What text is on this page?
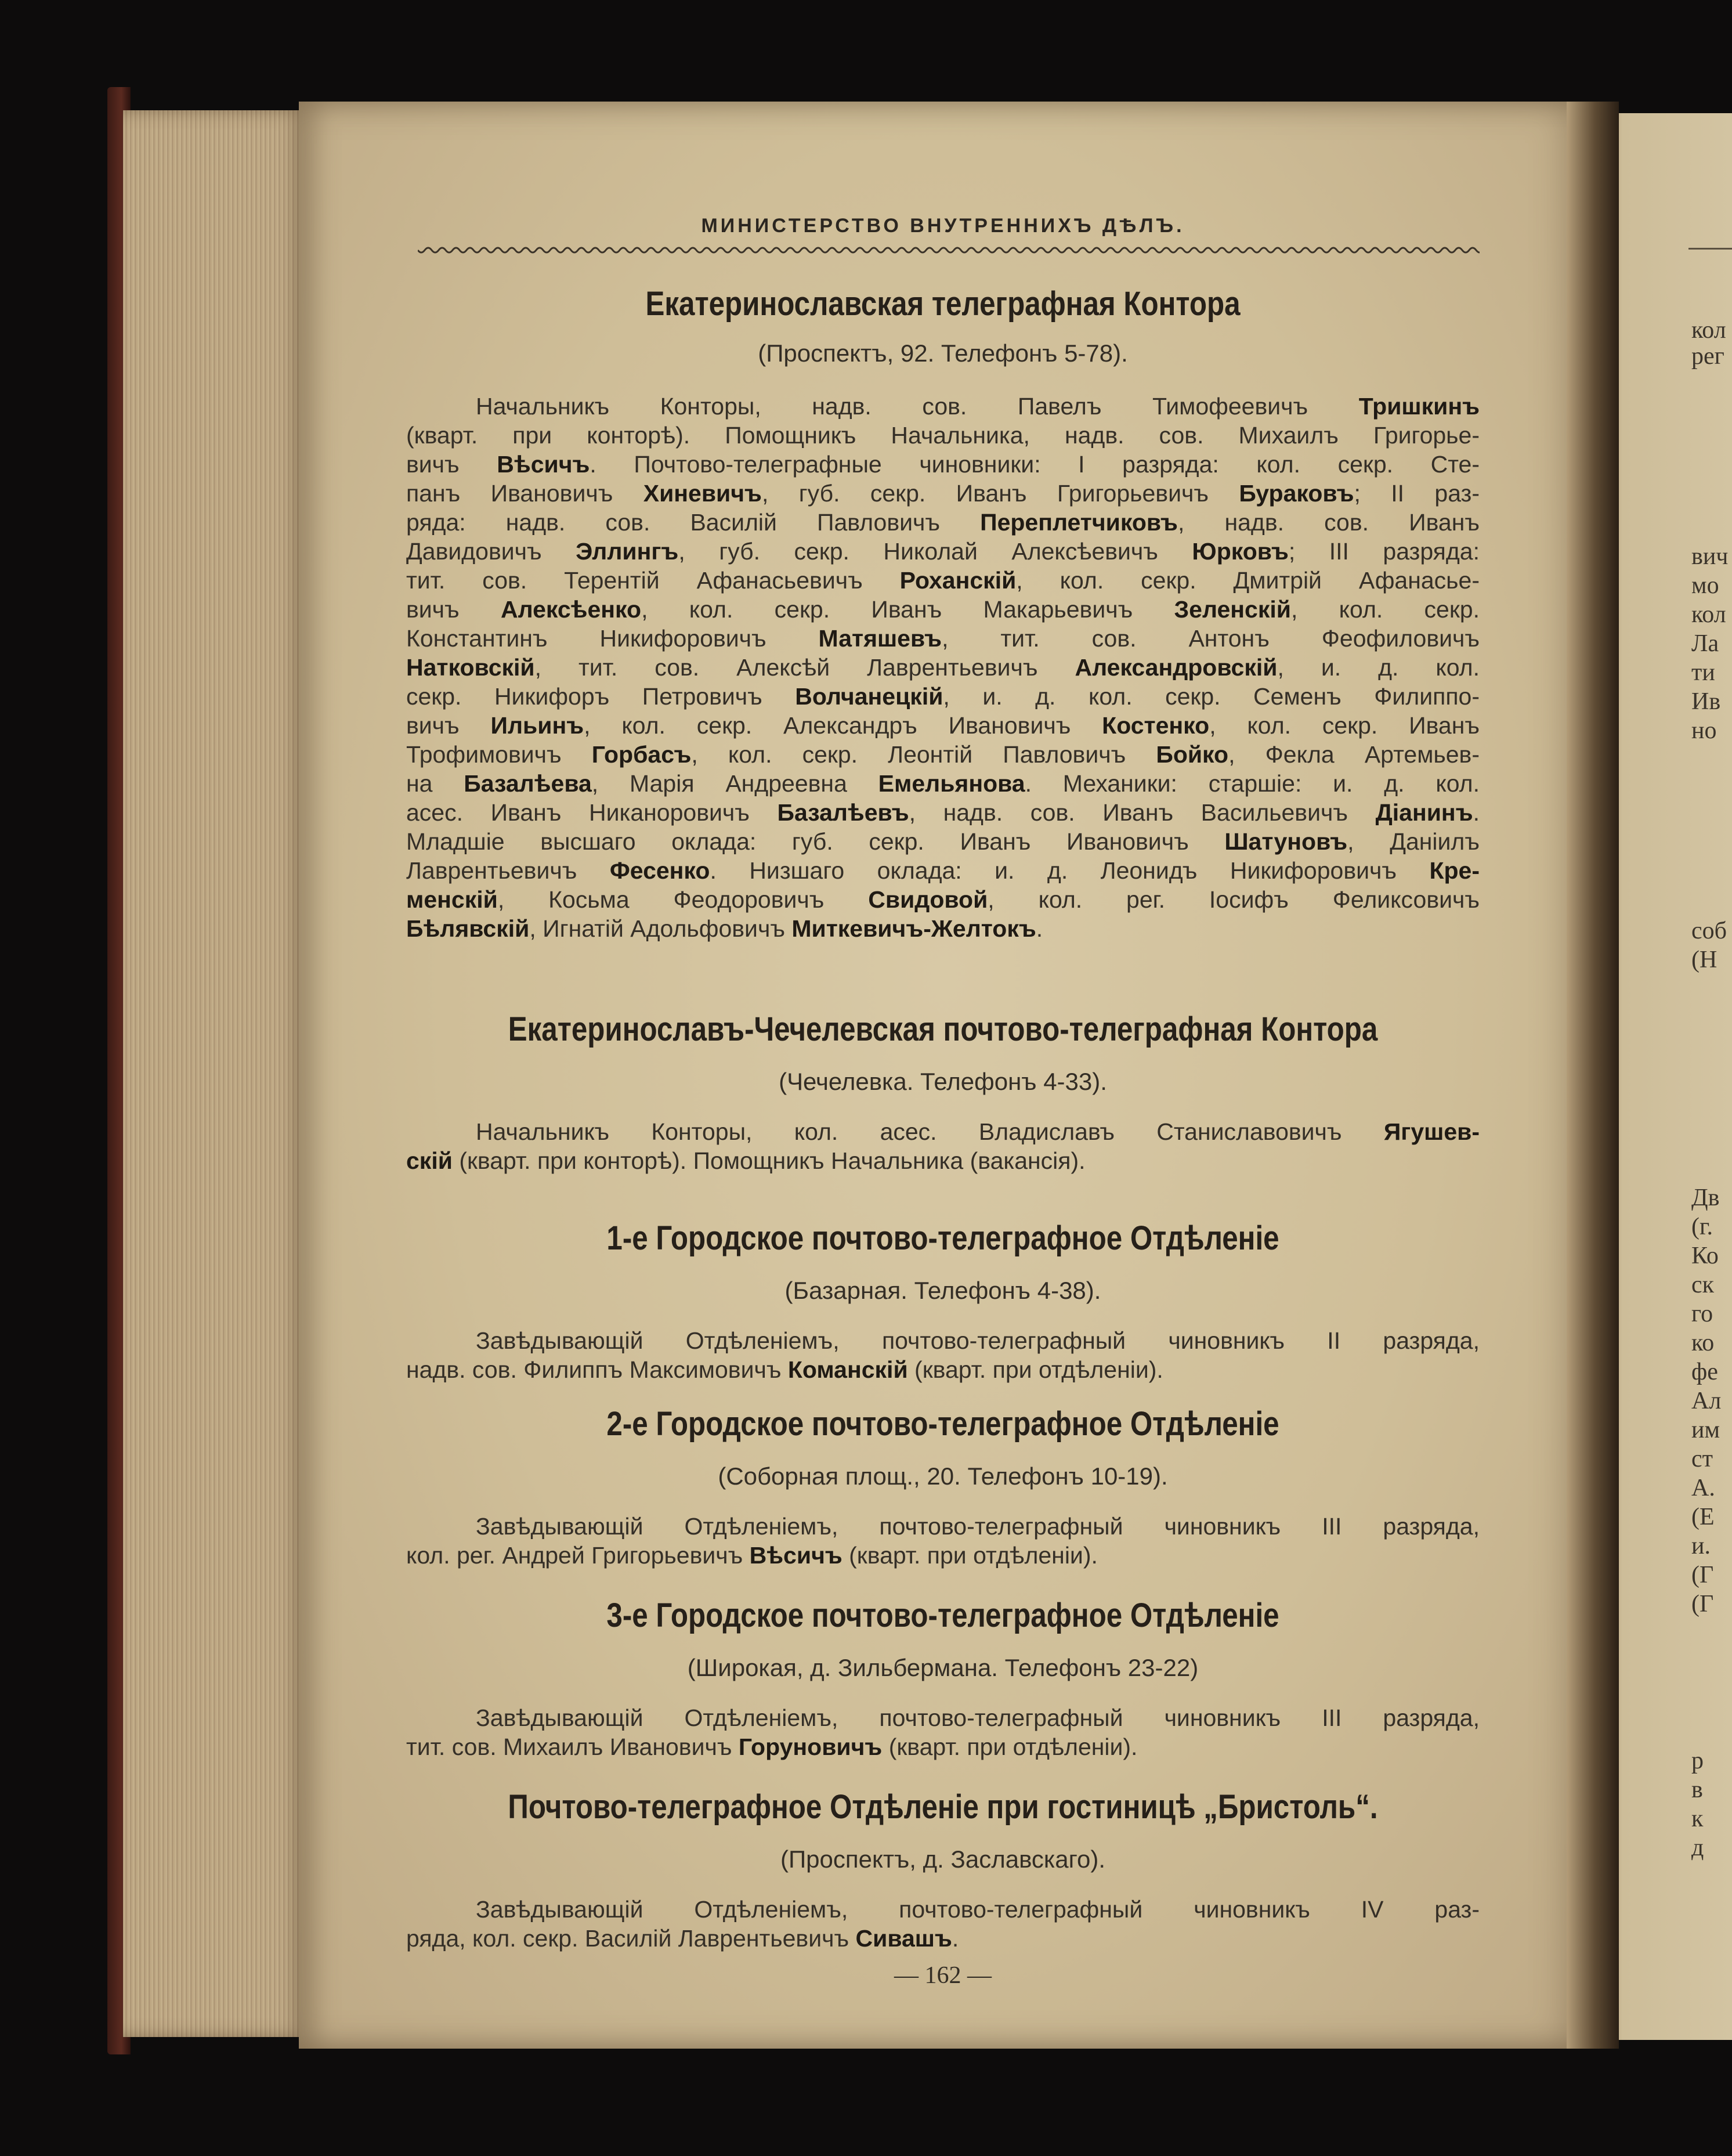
кол
рег
вич
мо
кол
Ла
ти
Ив
но
соб
(Н
Дв
(г.
Ко
ск
го
ко
фе
Ал
им
ст
А.
(Е
и.
(Г
(Г
р
в
к
д
МИНИСТЕРСТВО ВНУТРЕННИХЪ ДѢЛЪ.
Екатеринославская телеграфная Контора
(Проспектъ, 92. Телефонъ 5-78).
Начальникъ Конторы, надв. сов. Павелъ Тимофеевичъ Тришкинъ
(кварт. при конторѣ). Помощникъ Начальника, надв. сов. Михаилъ Григорье-
вичъ Вѣсичъ. Почтово-телеграфные чиновники: I разряда: кол. секр. Сте-
панъ Ивановичъ Хиневичъ, губ. секр. Иванъ Григорьевичъ Бураковъ; II раз-
ряда: надв. сов. Василій Павловичъ Переплетчиковъ, надв. сов. Иванъ
Давидовичъ Эллингъ, губ. секр. Николай Алексѣевичъ Юрковъ; III разряда:
тит. сов. Терентій Афанасьевичъ Роханскій, кол. секр. Дмитрій Афанасье-
вичъ Алексѣенко, кол. секр. Иванъ Макарьевичъ Зеленскій, кол. секр.
Константинъ Никифоровичъ Матяшевъ, тит. сов. Антонъ Феофиловичъ
Натковскій, тит. сов. Алексѣй Лаврентьевичъ Александровскій, и. д. кол.
секр. Никифоръ Петровичъ Волчанецкій, и. д. кол. секр. Семенъ Филиппо-
вичъ Ильинъ, кол. секр. Александръ Ивановичъ Костенко, кол. секр. Иванъ
Трофимовичъ Горбасъ, кол. секр. Леонтій Павловичъ Бойко, Фекла Артемьев-
на Базалѣева, Марія Андреевна Емельянова. Механики: старшіе: и. д. кол.
асес. Иванъ Никаноровичъ Базалѣевъ, надв. сов. Иванъ Васильевичъ Діанинъ.
Младшіе высшаго оклада: губ. секр. Иванъ Ивановичъ Шатуновъ, Даніилъ
Лаврентьевичъ Фесенко. Низшаго оклада: и. д. Леонидъ Никифоровичъ Кре-
менскій, Косьма Феодоровичъ Свидовой, кол. рег. Іосифъ Феликсовичъ
Бѣлявскій, Игнатій Адольфовичъ Миткевичъ-Желтокъ.
Екатеринославъ-Чечелевская почтово-телеграфная Контора
(Чечелевка. Телефонъ 4-33).
Начальникъ Конторы, кол. асес. Владиславъ Станиславовичъ Ягушев-
скій (кварт. при конторѣ). Помощникъ Начальника (вакансія).
1-е Городское почтово-телеграфное Отдѣленіе
(Базарная. Телефонъ 4-38).
Завѣдывающій Отдѣленіемъ, почтово-телеграфный чиновникъ II разряда,
надв. сов. Филиппъ Максимовичъ Команскій (кварт. при отдѣленіи).
2-е Городское почтово-телеграфное Отдѣленіе
(Соборная площ., 20. Телефонъ 10-19).
Завѣдывающій Отдѣленіемъ, почтово-телеграфный чиновникъ III разряда,
кол. рег. Андрей Григорьевичъ Вѣсичъ (кварт. при отдѣленіи).
3-е Городское почтово-телеграфное Отдѣленіе
(Широкая, д. Зильбермана. Телефонъ 23-22)
Завѣдывающій Отдѣленіемъ, почтово-телеграфный чиновникъ III разряда,
тит. сов. Михаилъ Ивановичъ Горуновичъ (кварт. при отдѣленіи).
Почтово-телеграфное Отдѣленіе при гостиницѣ „Бристоль“.
(Проспектъ, д. Заславскаго).
Завѣдывающій Отдѣленіемъ, почтово-телеграфный чиновникъ IV раз-
ряда, кол. секр. Василій Лаврентьевичъ Сивашъ.
— 162 —
